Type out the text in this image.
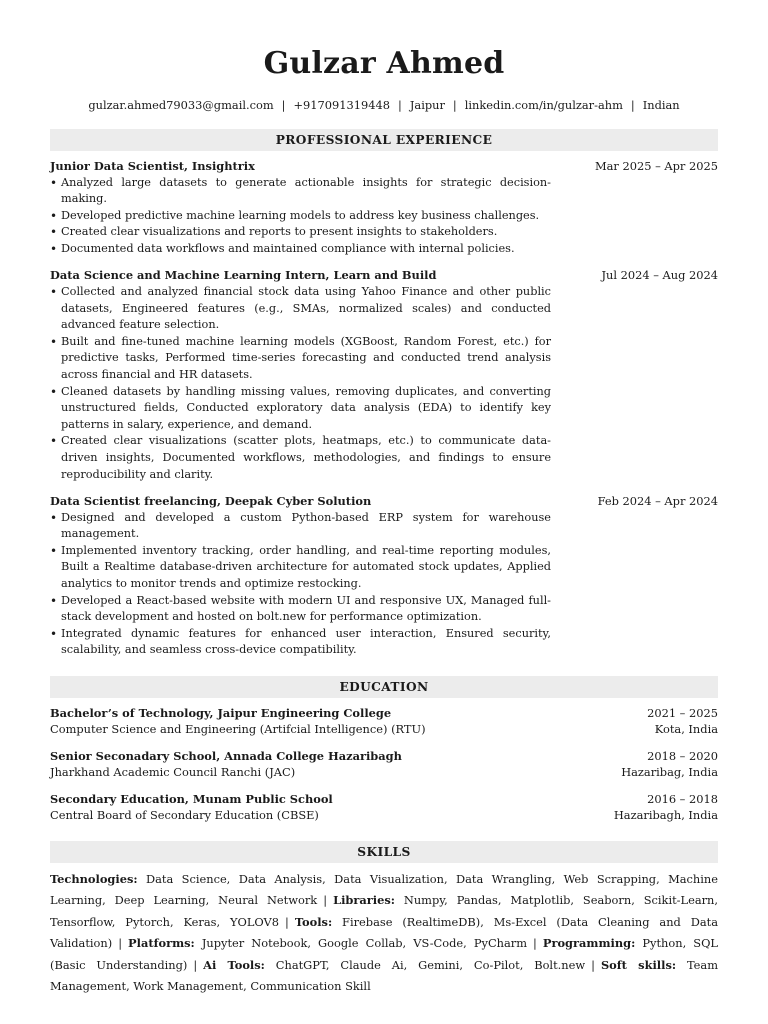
Gulzar Ahmed
gulzar.ahmed79033@gmail.com | +917091319448 | Jaipur | linkedin.com/in/gulzar-ahm | Indian
PROFESSIONAL EXPERIENCE
Junior Data Scientist, Insightrix	Mar 2025 – Apr 2025
• Analyzed large datasets to generate actionable insights for strategic decision-making.
• Developed predictive machine learning models to address key business challenges.
• Created clear visualizations and reports to present insights to stakeholders.
• Documented data workflows and maintained compliance with internal policies.
Data Science and Machine Learning Intern, Learn and Build	Jul 2024 – Aug 2024
• Collected and analyzed financial stock data using Yahoo Finance and other public datasets, Engineered features (e.g., SMAs, normalized scales) and conducted advanced feature selection.
• Built and fine-tuned machine learning models (XGBoost, Random Forest, etc.) for predictive tasks, Performed time-series forecasting and conducted trend analysis across financial and HR datasets.
• Cleaned datasets by handling missing values, removing duplicates, and converting unstructured fields, Conducted exploratory data analysis (EDA) to identify key patterns in salary, experience, and demand.
• Created clear visualizations (scatter plots, heatmaps, etc.) to communicate data-driven insights, Documented workflows, methodologies, and findings to ensure reproducibility and clarity.
Data Scientist freelancing, Deepak Cyber Solution	Feb 2024 – Apr 2024
• Designed and developed a custom Python-based ERP system for warehouse management.
• Implemented inventory tracking, order handling, and real-time reporting modules, Built a Realtime database-driven architecture for automated stock updates, Applied analytics to monitor trends and optimize restocking.
• Developed a React-based website with modern UI and responsive UX, Managed full-stack development and hosted on bolt.new for performance optimization.
• Integrated dynamic features for enhanced user interaction, Ensured security, scalability, and seamless cross-device compatibility.
EDUCATION
Bachelor’s of Technology, Jaipur Engineering College	2021 – 2025
Computer Science and Engineering (Artifcial Intelligence) (RTU)	Kota, India
Senior Seconadary School, Annada College Hazaribagh	2018 – 2020
Jharkhand Academic Council Ranchi (JAC)	Hazaribag, India
Secondary Education, Munam Public School	2016 – 2018
Central Board of Secondary Education (CBSE)	Hazaribagh, India
SKILLS
Technologies: Data Science, Data Analysis, Data Visualization, Data Wrangling, Web Scrapping, Machine Learning, Deep Learning, Neural Network | Libraries: Numpy, Pandas, Matplotlib, Seaborn, Scikit-Learn, Tensorflow, Pytorch, Keras, YOLOV8 | Tools: Firebase (RealtimeDB), Ms-Excel (Data Cleaning and Data Validation) | Platforms: Jupyter Notebook, Google Collab, VS-Code, PyCharm | Programming: Python, SQL (Basic Understanding) | Ai Tools: ChatGPT, Claude Ai, Gemini, Co-Pilot, Bolt.new | Soft skills: Team Management, Work Management, Communication Skill
